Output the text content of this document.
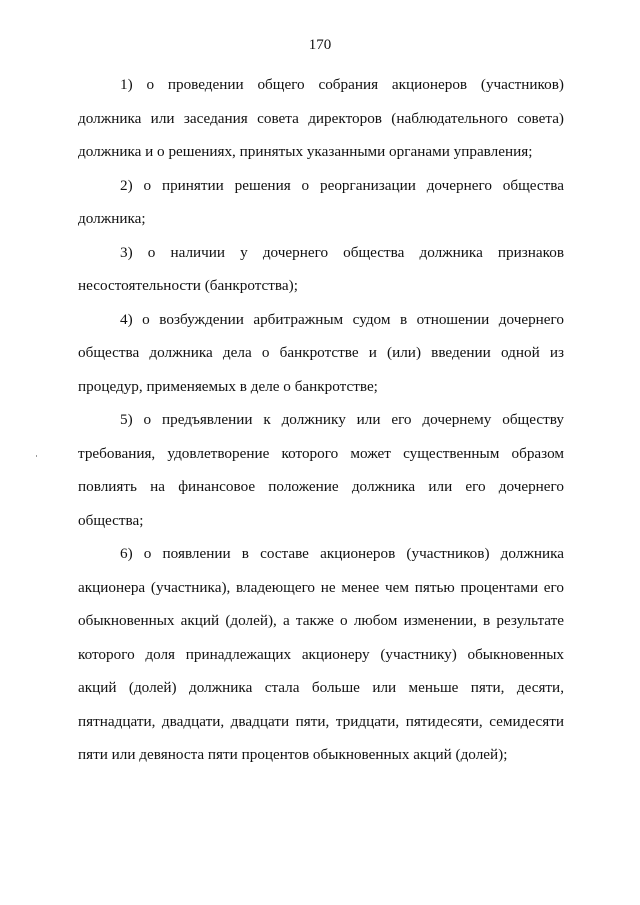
170

1) о проведении общего собрания акционеров (участников)
должника или заседания совета директоров (наблюдательного совета)
должника и о решениях, принятых указанными органами управления;

2) о принятии решения о реорганизации дочернего общества
должника;

3) о наличии у дочернего общества должника признаков
несостоятельности (банкротства);

4) о возбуждении арбитражным судом в отношении дочернего
общества должника дела о банкротстве и (или) введении одной из
процедур, применяемых в деле о банкротстве;

5) о предъявлении к должнику или его дочернему обществу
требования, удовлетворение которого может существенным образом
повлиять на финансовое положение должника или его дочернего
общества;

6) о появлении в составе акционеров (участников) должника
акционера (участника), владеющего не менее чем пятью процентами его
обыкновенных акций (долей), а также о любом изменении, в результате
которого доля принадлежащих акционеру (участнику) обыкновенных
акций (долей) должника стала больше или меньше пяти, десяти,
пятнадцати, двадцати, двадцати пяти, тридцати, пятидесяти, семидесяти
пяти или девяноста пяти процентов обыкновенных акций (долей);
